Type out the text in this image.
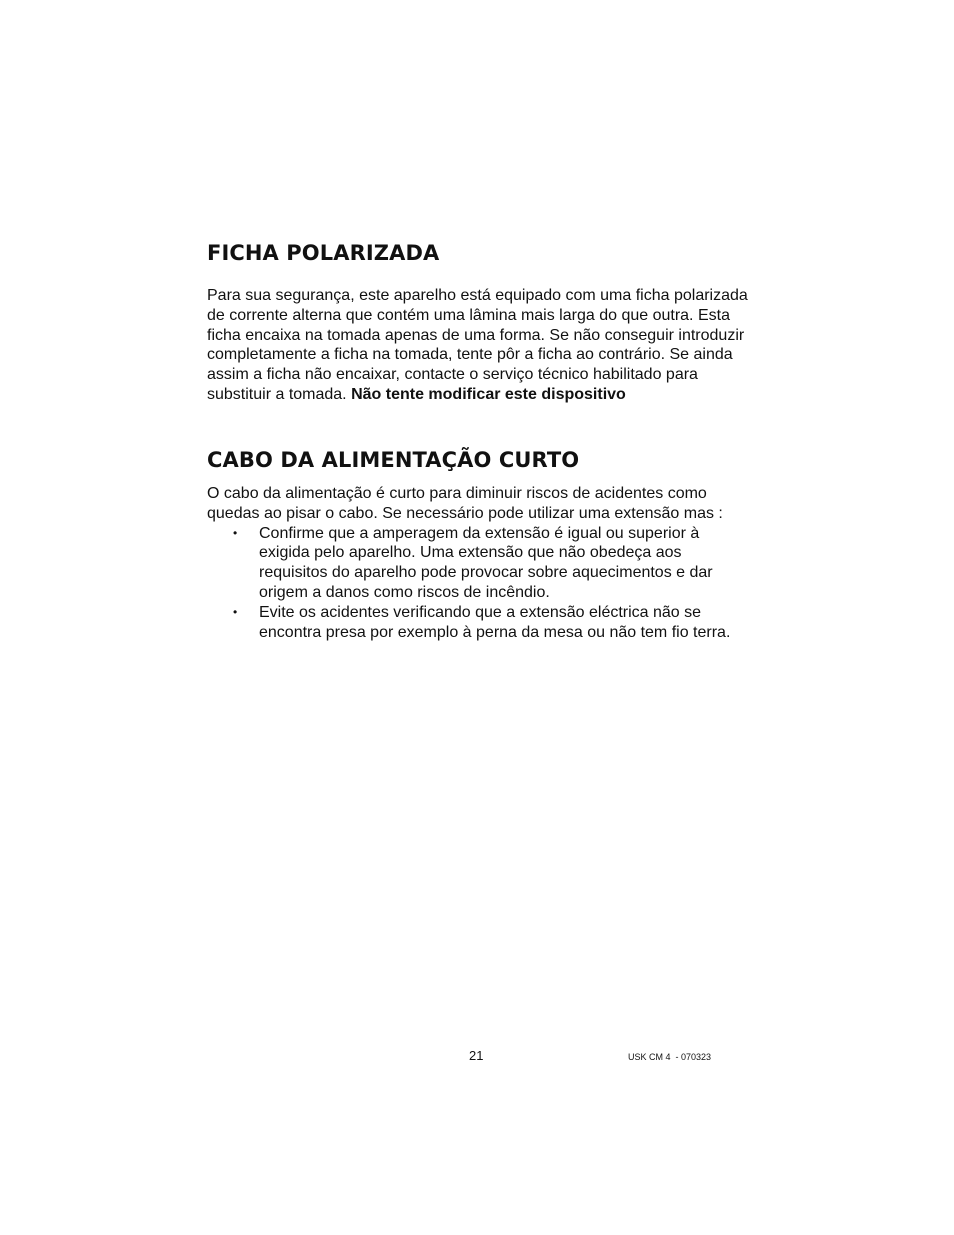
FICHA POLARIZADA

Para sua segurança, este aparelho está equipado com uma ficha polarizada de corrente alterna que contém uma lâmina mais larga do que outra. Esta ficha encaixa na tomada apenas de uma forma. Se não conseguir introduzir completamente a ficha na tomada, tente pôr a ficha ao contrário. Se ainda assim a ficha não encaixar, contacte o serviço técnico habilitado para substituir a tomada. Não tente modificar este dispositivo

CABO DA ALIMENTAÇÃO CURTO

O cabo da alimentação é curto para diminuir riscos de acidentes como quedas ao pisar o cabo. Se necessário pode utilizar uma extensão mas :

• Confirme que a amperagem da extensão é igual ou superior à exigida pelo aparelho. Uma extensão que não obedeça aos requisitos do aparelho pode provocar sobre aquecimentos e dar origem a danos como riscos de incêndio.
• Evite os acidentes verificando que a extensão eléctrica não se encontra presa por exemplo à perna da mesa ou não tem fio terra.
21	USK CM 4  - 070323
